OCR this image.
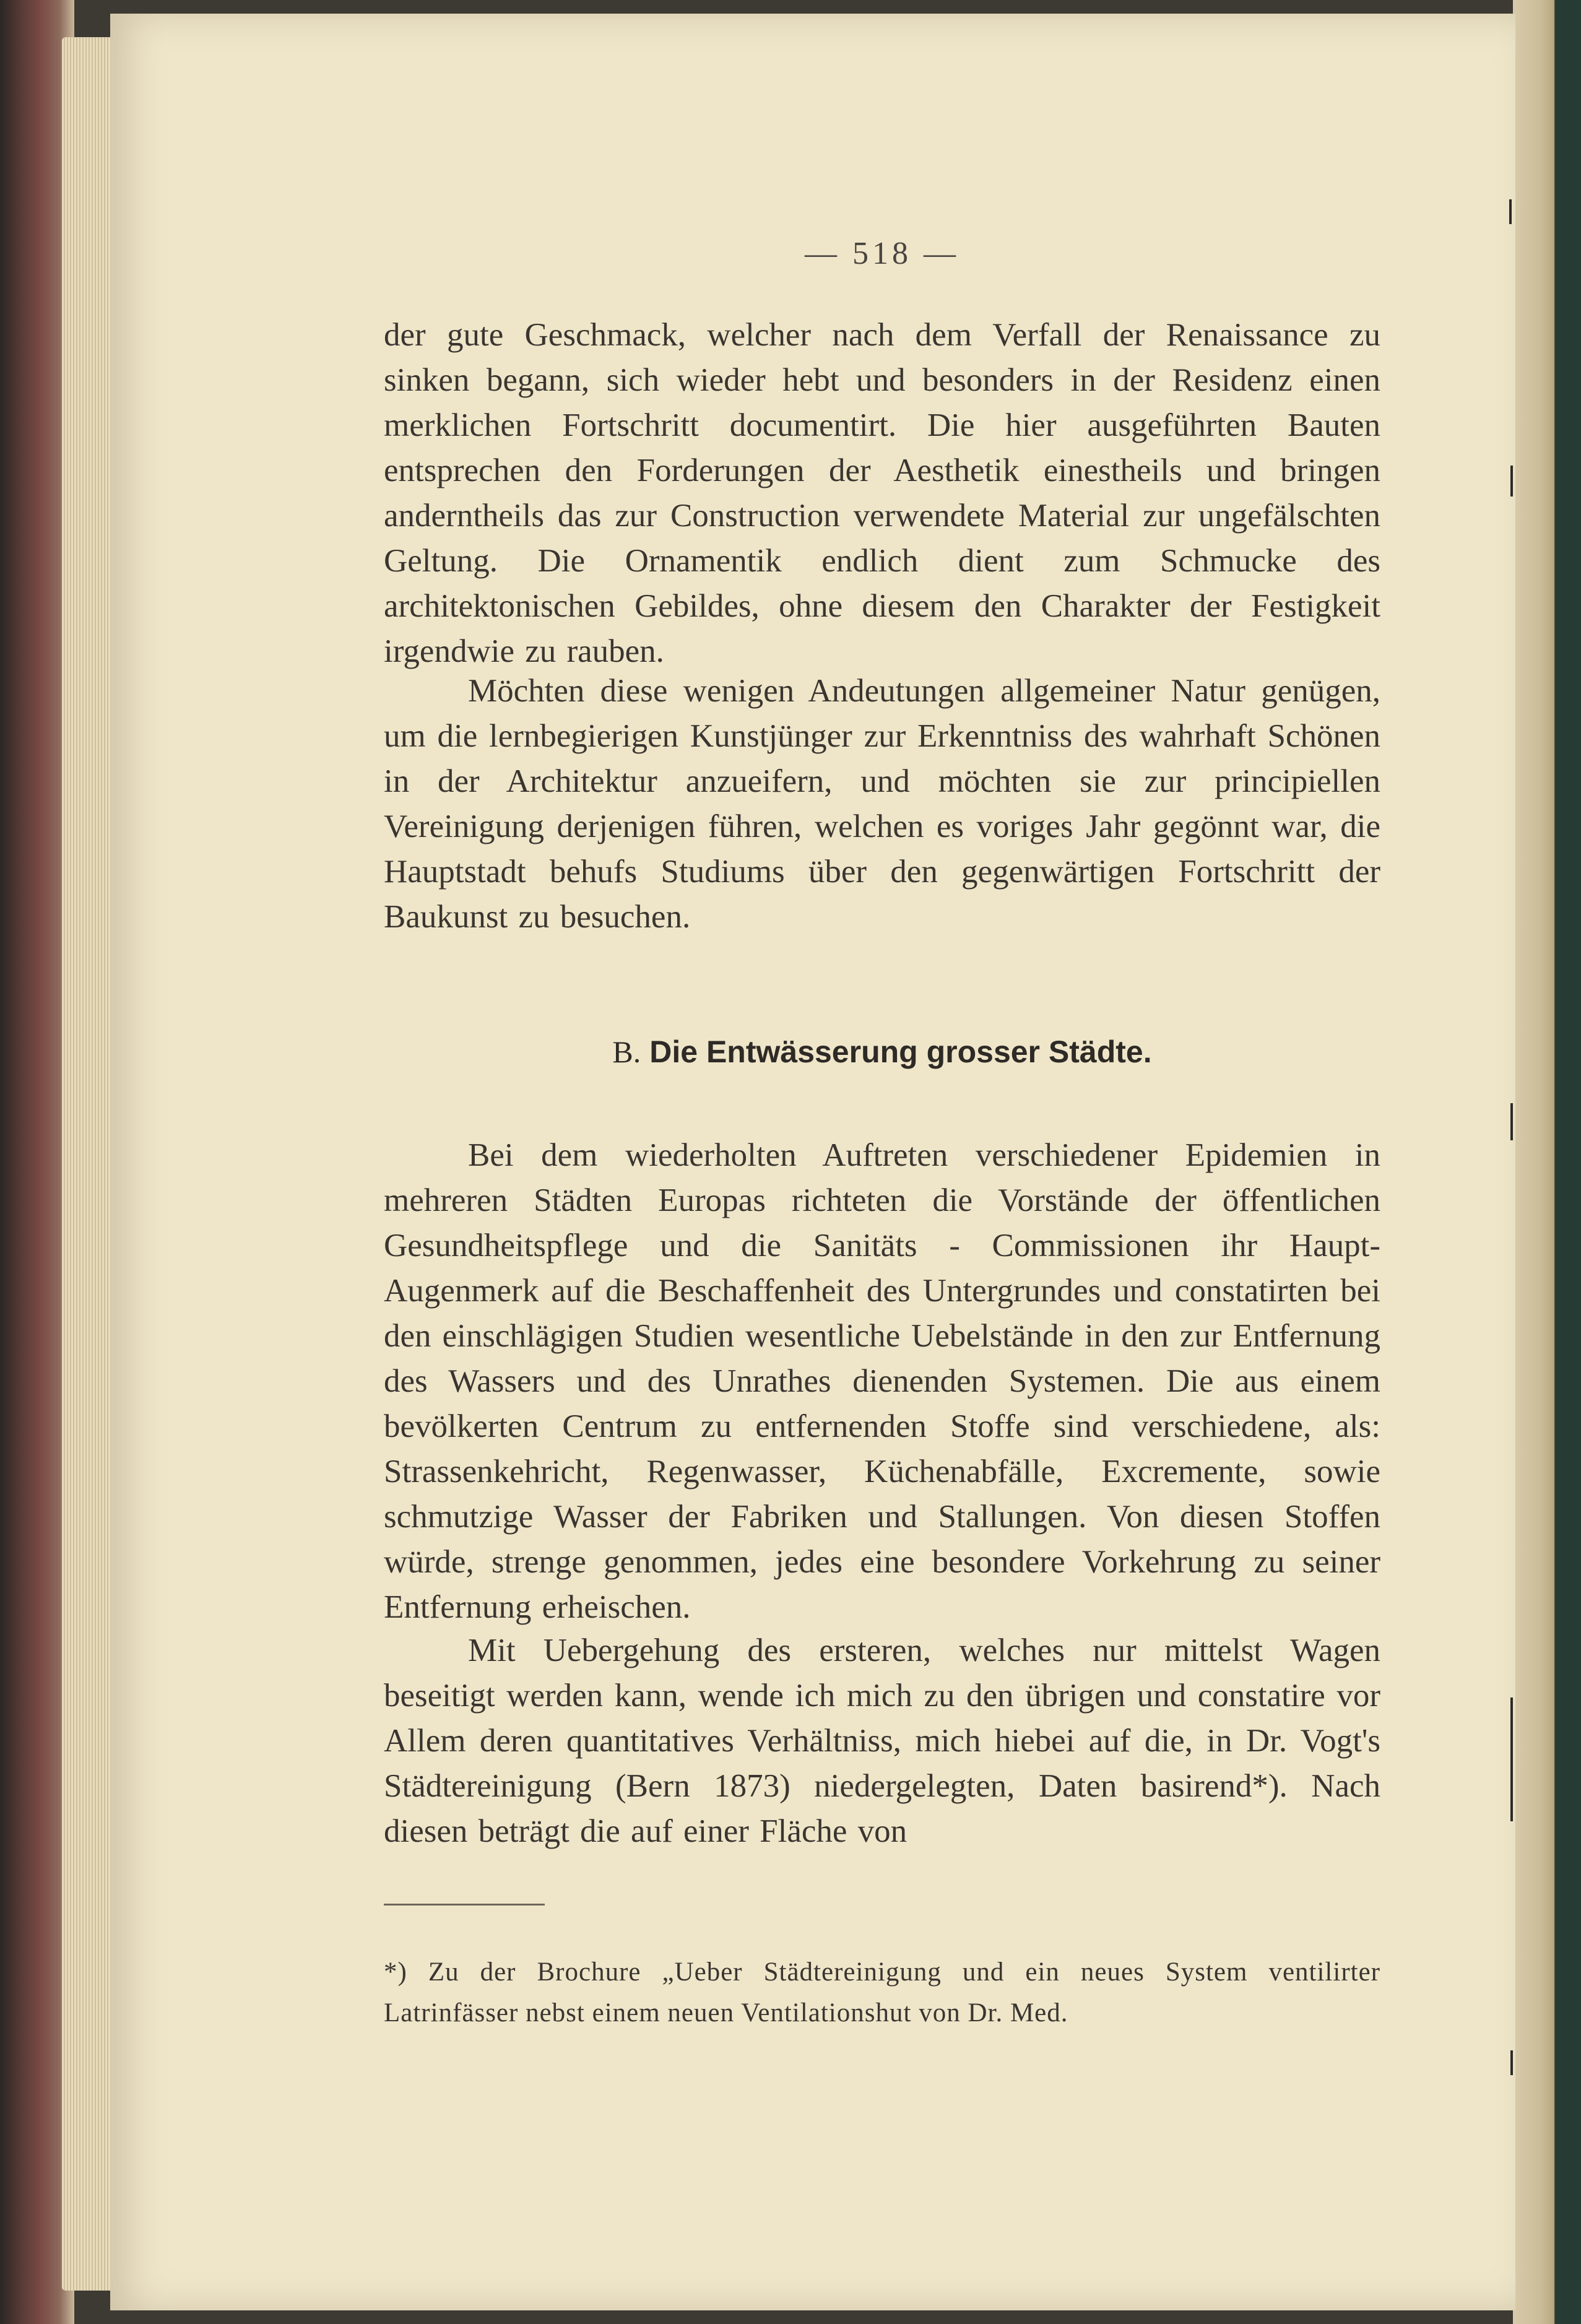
— 518 —

der gute Geschmack, welcher nach dem Verfall der Renaissance zu sinken begann, sich wieder hebt und besonders in der Residenz einen merklichen Fortschritt documentirt. Die hier ausgeführten Bauten entsprechen den Forderungen der Aesthetik einestheils und bringen anderntheils das zur Construction verwendete Material zur ungefälschten Geltung. Die Ornamentik endlich dient zum Schmucke des architektonischen Gebildes, ohne diesem den Charakter der Festigkeit irgendwie zu rauben.

Möchten diese wenigen Andeutungen allgemeiner Natur genügen, um die lernbegierigen Kunstjünger zur Erkenntniss des wahrhaft Schönen in der Architektur anzueifern, und möchten sie zur principiellen Vereinigung derjenigen führen, welchen es voriges Jahr gegönnt war, die Hauptstadt behufs Studiums über den gegenwärtigen Fortschritt der Baukunst zu besuchen.

B. Die Entwässerung grosser Städte.

Bei dem wiederholten Auftreten verschiedener Epidemien in mehreren Städten Europas richteten die Vorstände der öffentlichen Gesundheitspflege und die Sanitäts - Commissionen ihr Haupt-Augenmerk auf die Beschaffenheit des Untergrundes und constatirten bei den einschlägigen Studien wesentliche Uebelstände in den zur Entfernung des Wassers und des Unrathes dienenden Systemen. Die aus einem bevölkerten Centrum zu entfernenden Stoffe sind verschiedene, als: Strassenkehricht, Regenwasser, Küchenabfälle, Excremente, sowie schmutzige Wasser der Fabriken und Stallungen. Von diesen Stoffen würde, strenge genommen, jedes eine besondere Vorkehrung zu seiner Entfernung erheischen.

Mit Uebergehung des ersteren, welches nur mittelst Wagen beseitigt werden kann, wende ich mich zu den übrigen und constatire vor Allem deren quantitatives Verhältniss, mich hiebei auf die, in Dr. Vogt's Städtereinigung (Bern 1873) niedergelegten, Daten basirend*). Nach diesen beträgt die auf einer Fläche von

*) Zu der Brochure „Ueber Städtereinigung und ein neues System ventilirter Latrinfässer nebst einem neuen Ventilationshut von Dr. Med.
